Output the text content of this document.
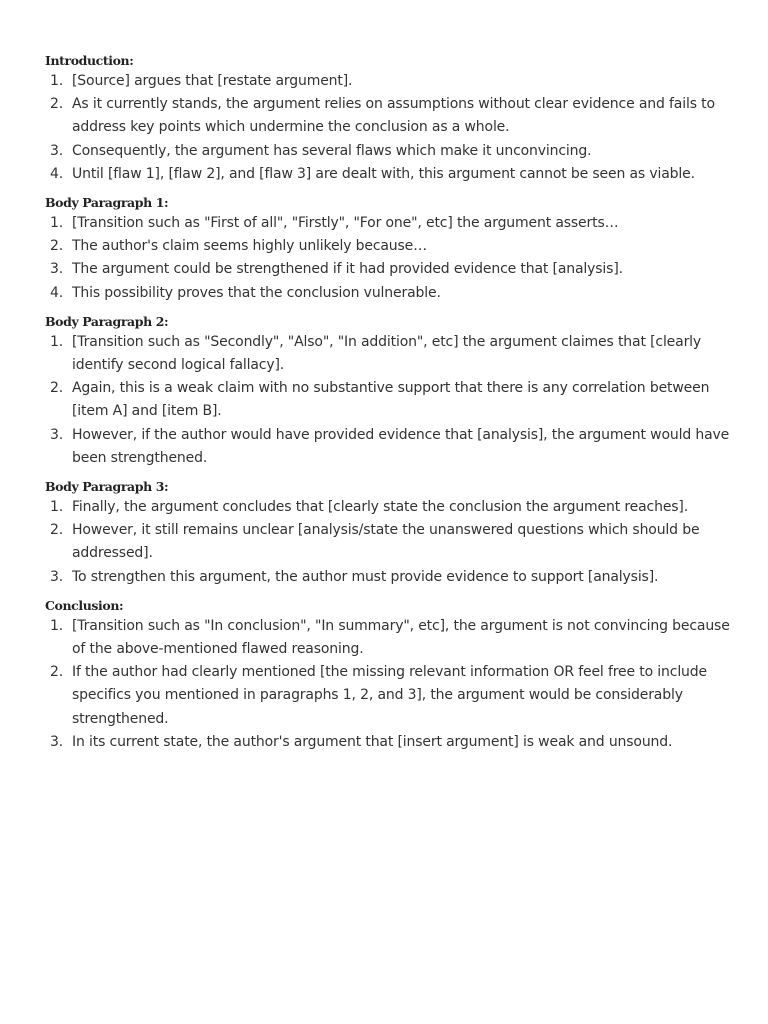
Introduction:
1. [Source] argues that [restate argument].
2. As it currently stands, the argument relies on assumptions without clear evidence and fails to address key points which undermine the conclusion as a whole.
3. Consequently, the argument has several flaws which make it unconvincing.
4. Until [flaw 1], [flaw 2], and [flaw 3] are dealt with, this argument cannot be seen as viable.
Body Paragraph 1:
1. [Transition such as "First of all", "Firstly", "For one", etc] the argument asserts…
2. The author's claim seems highly unlikely because…
3. The argument could be strengthened if it had provided evidence that [analysis].
4. This possibility proves that the conclusion vulnerable.
Body Paragraph 2:
1. [Transition such as "Secondly", "Also", "In addition", etc] the argument claimes that [clearly identify second logical fallacy].
2. Again, this is a weak claim with no substantive support that there is any correlation between [item A] and [item B].
3. However, if the author would have provided evidence that [analysis], the argument would have been strengthened.
Body Paragraph 3:
1. Finally, the argument concludes that [clearly state the conclusion the argument reaches].
2. However, it still remains unclear [analysis/state the unanswered questions which should be addressed].
3. To strengthen this argument, the author must provide evidence to support [analysis].
Conclusion:
1. [Transition such as "In conclusion", "In summary", etc], the argument is not convincing because of the above-mentioned flawed reasoning.
2. If the author had clearly mentioned [the missing relevant information OR feel free to include specifics you mentioned in paragraphs 1, 2, and 3], the argument would be considerably strengthened.
3. In its current state, the author's argument that [insert argument] is weak and unsound.
